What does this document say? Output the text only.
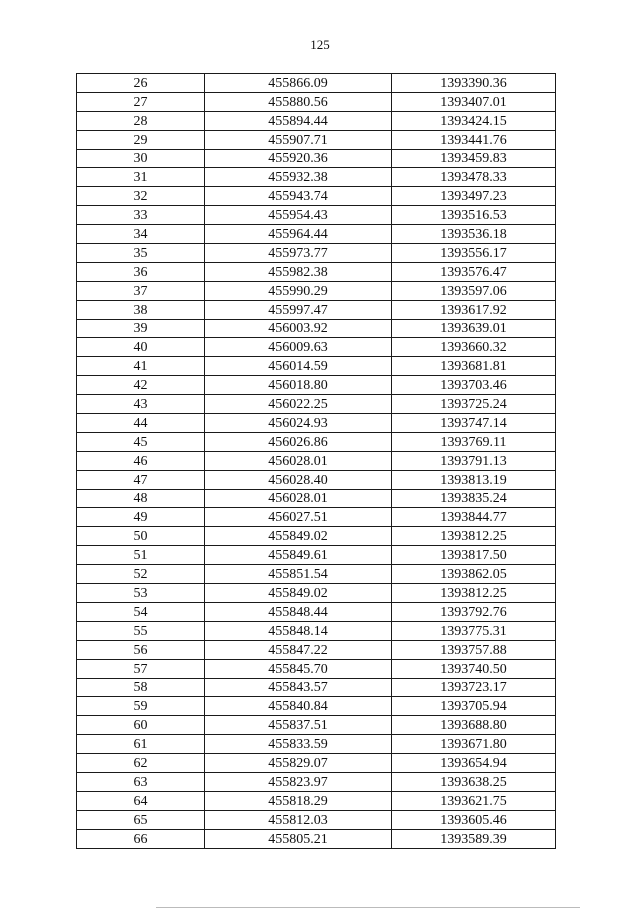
125
26	455866.09	1393390.36
27	455880.56	1393407.01
28	455894.44	1393424.15
29	455907.71	1393441.76
30	455920.36	1393459.83
31	455932.38	1393478.33
32	455943.74	1393497.23
33	455954.43	1393516.53
34	455964.44	1393536.18
35	455973.77	1393556.17
36	455982.38	1393576.47
37	455990.29	1393597.06
38	455997.47	1393617.92
39	456003.92	1393639.01
40	456009.63	1393660.32
41	456014.59	1393681.81
42	456018.80	1393703.46
43	456022.25	1393725.24
44	456024.93	1393747.14
45	456026.86	1393769.11
46	456028.01	1393791.13
47	456028.40	1393813.19
48	456028.01	1393835.24
49	456027.51	1393844.77
50	455849.02	1393812.25
51	455849.61	1393817.50
52	455851.54	1393862.05
53	455849.02	1393812.25
54	455848.44	1393792.76
55	455848.14	1393775.31
56	455847.22	1393757.88
57	455845.70	1393740.50
58	455843.57	1393723.17
59	455840.84	1393705.94
60	455837.51	1393688.80
61	455833.59	1393671.80
62	455829.07	1393654.94
63	455823.97	1393638.25
64	455818.29	1393621.75
65	455812.03	1393605.46
66	455805.21	1393589.39
